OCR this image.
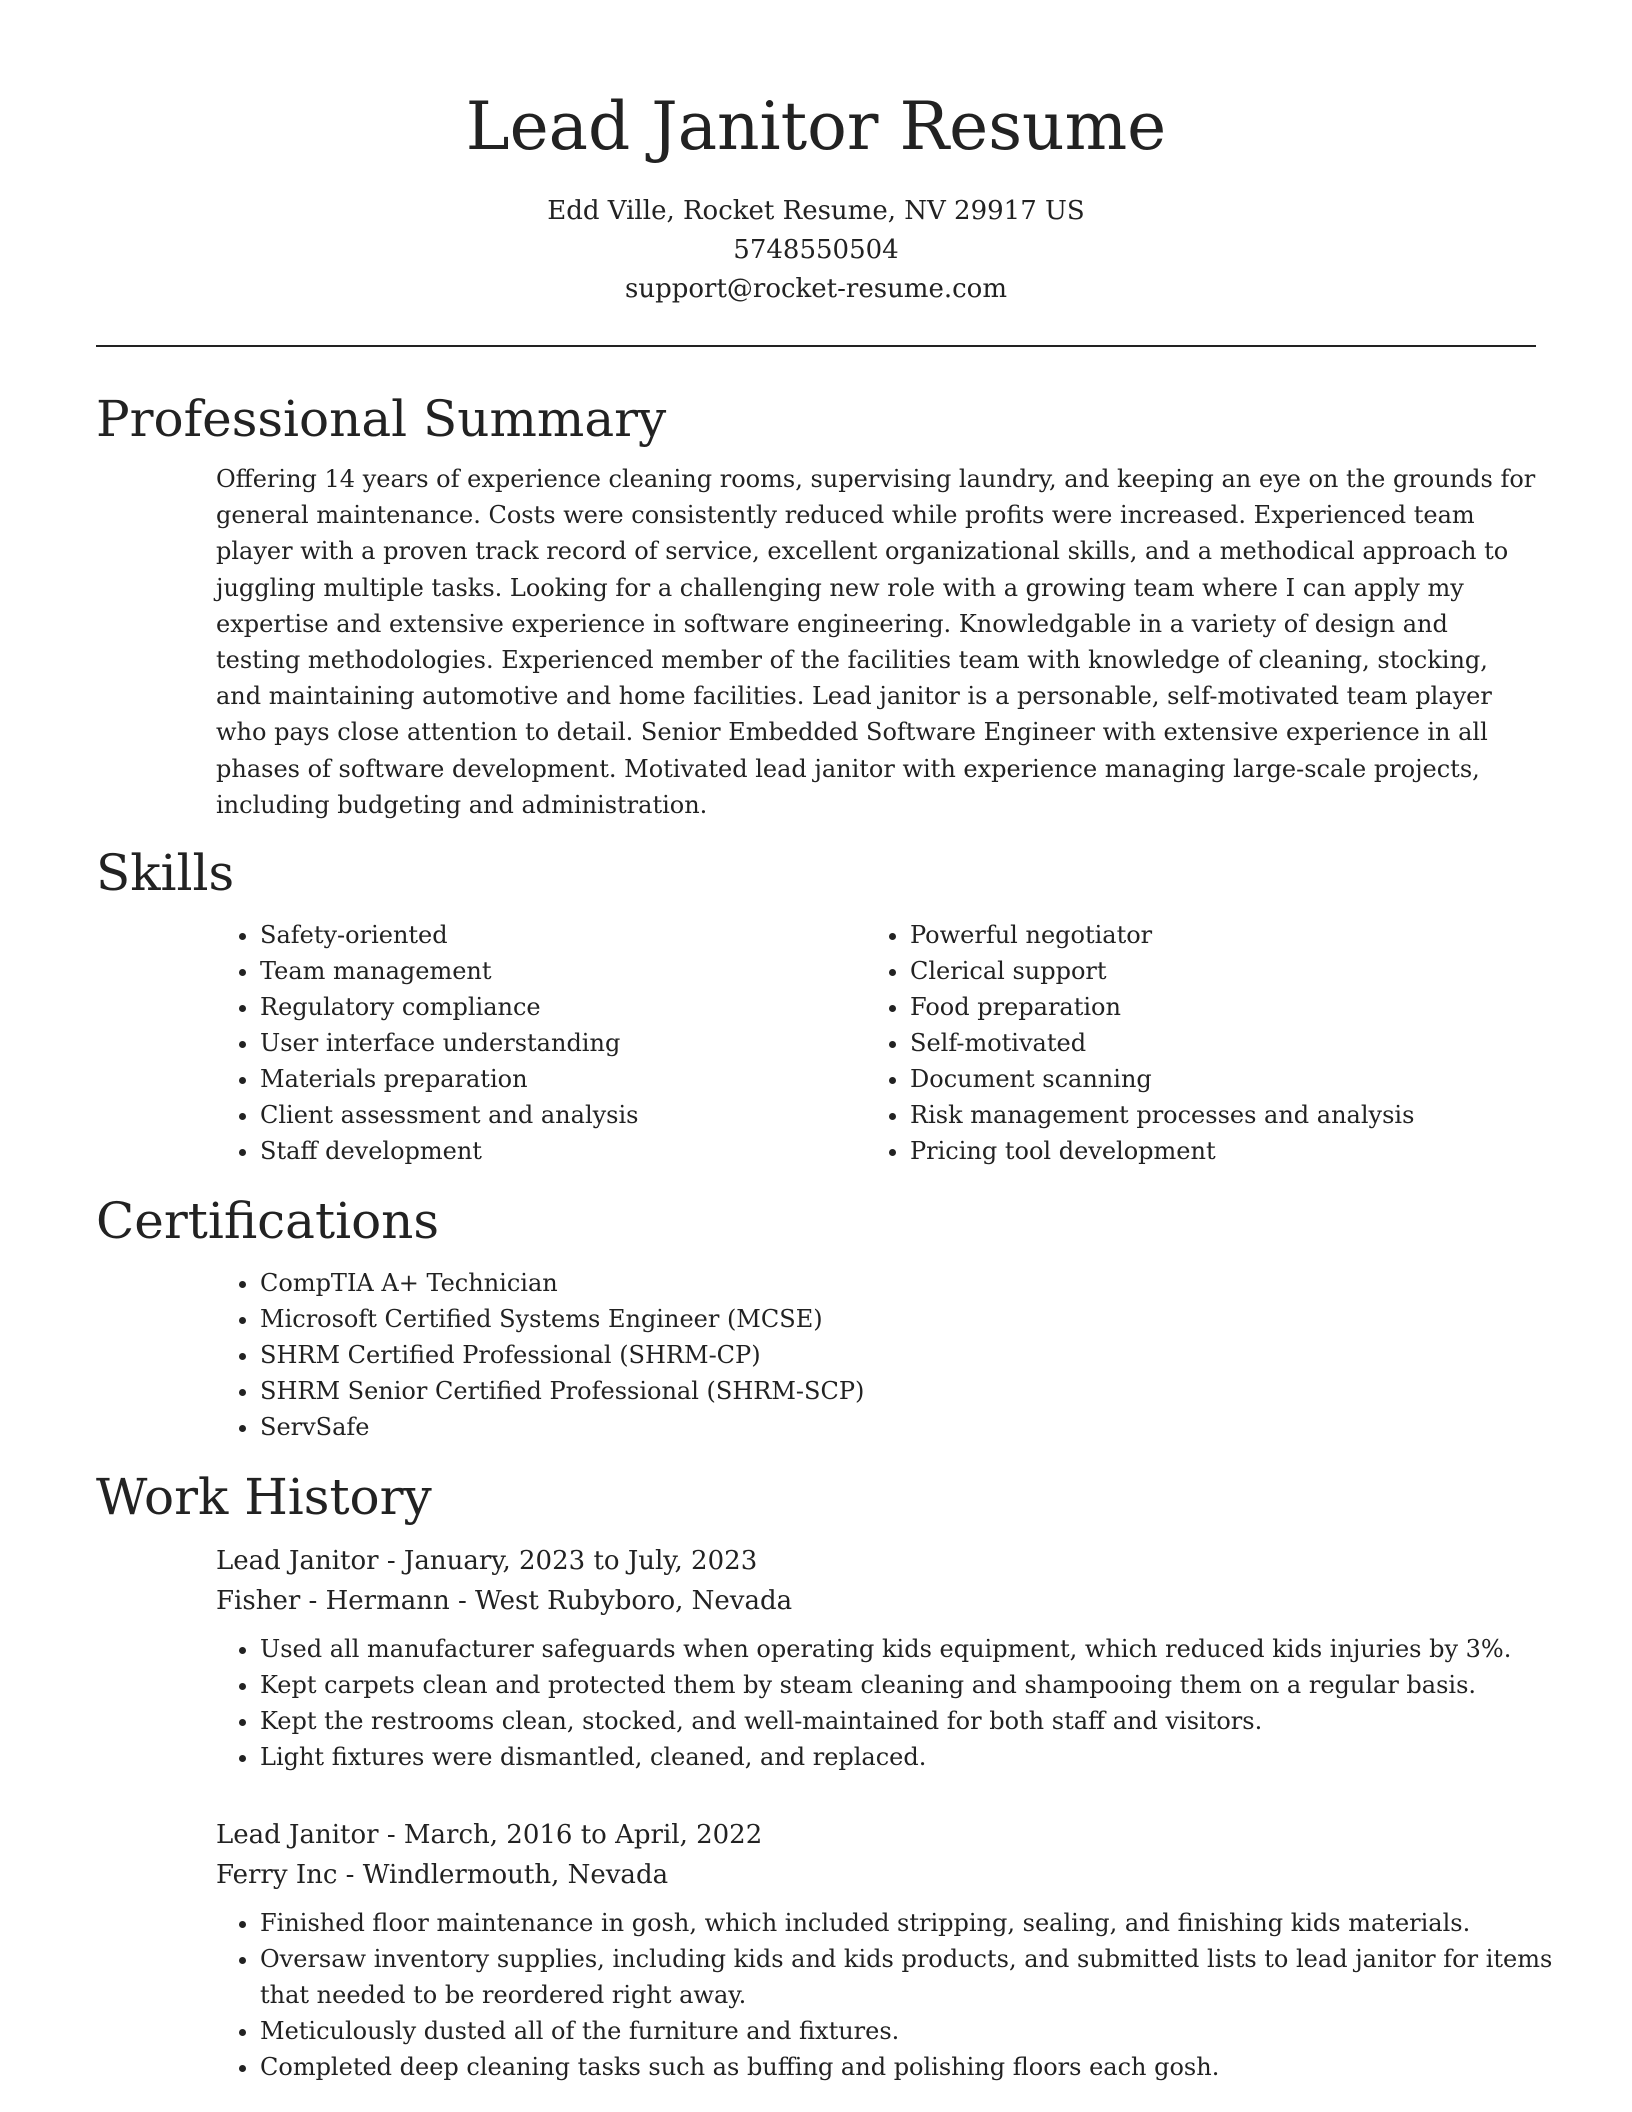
Lead Janitor Resume
Edd Ville, Rocket Resume, NV 29917 US
5748550504
support@rocket-resume.com
Professional Summary

Offering 14 years of experience cleaning rooms, supervising laundry, and keeping an eye on the grounds for general maintenance. Costs were consistently reduced while profits were increased. Experienced team player with a proven track record of service, excellent organizational skills, and a methodical approach to juggling multiple tasks. Looking for a challenging new role with a growing team where I can apply my expertise and extensive experience in software engineering. Knowledgable in a variety of design and testing methodologies. Experienced member of the facilities team with knowledge of cleaning, stocking, and maintaining automotive and home facilities. Lead janitor is a personable, self-motivated team player who pays close attention to detail. Senior Embedded Software Engineer with extensive experience in all phases of software development. Motivated lead janitor with experience managing large-scale projects, including budgeting and administration.

Skills
• Safety-oriented
• Team management
• Regulatory compliance
• User interface understanding
• Materials preparation
• Client assessment and analysis
• Staff development
• Powerful negotiator
• Clerical support
• Food preparation
• Self-motivated
• Document scanning
• Risk management processes and analysis
• Pricing tool development
Certifications
• CompTIA A+ Technician
• Microsoft Certified Systems Engineer (MCSE)
• SHRM Certified Professional (SHRM-CP)
• SHRM Senior Certified Professional (SHRM-SCP)
• ServSafe
Work History
Lead Janitor - January, 2023 to July, 2023
Fisher - Hermann - West Rubyboro, Nevada
• Used all manufacturer safeguards when operating kids equipment, which reduced kids injuries by 3%.
• Kept carpets clean and protected them by steam cleaning and shampooing them on a regular basis.
• Kept the restrooms clean, stocked, and well-maintained for both staff and visitors.
• Light fixtures were dismantled, cleaned, and replaced.
Lead Janitor - March, 2016 to April, 2022
Ferry Inc - Windlermouth, Nevada
• Finished floor maintenance in gosh, which included stripping, sealing, and finishing kids materials.
• Oversaw inventory supplies, including kids and kids products, and submitted lists to lead janitor for items that needed to be reordered right away.
• Meticulously dusted all of the furniture and fixtures.
• Completed deep cleaning tasks such as buffing and polishing floors each gosh.
